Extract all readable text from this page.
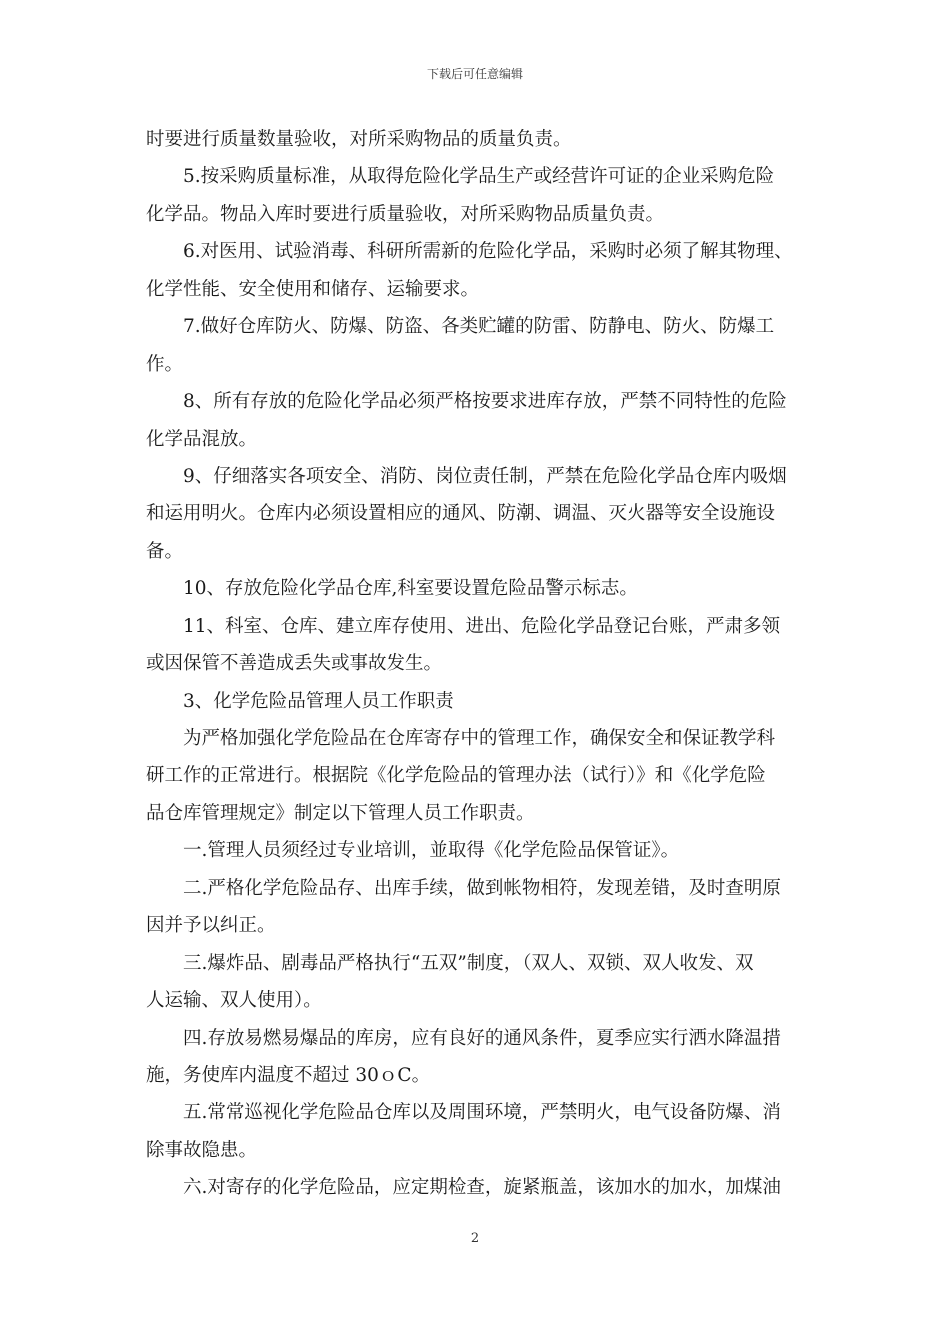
下载后可任意编辑
时要进行质量数量验收，对所采购物品的质量负责。
5.按采购质量标准，从取得危险化学品生产或经营许可证的企业采购危险
化学品。物品入库时要进行质量验收，对所采购物品质量负责。
6.对医用、试验消毒、科研所需新的危险化学品，采购时必须了解其物理、
化学性能、安全使用和储存、运输要求。
7.做好仓库防火、防爆、防盗、各类贮罐的防雷、防静电、防火、防爆工
作。
8、所有存放的危险化学品必须严格按要求进库存放，严禁不同特性的危险
化学品混放。
9、仔细落实各项安全、消防、岗位责任制，严禁在危险化学品仓库内吸烟
和运用明火。仓库内必须设置相应的通风、防潮、调温、灭火器等安全设施设
备。
10、存放危险化学品仓库,科室要设置危险品警示标志。
11、科室、仓库、建立库存使用、进出、危险化学品登记台账，严肃多领
或因保管不善造成丢失或事故发生。
3、化学危险品管理人员工作职责
为严格加强化学危险品在仓库寄存中的管理工作，确保安全和保证教学科
研工作的正常进行。根据院《化学危险品的管理办法（试行）》和《化学危险
品仓库管理规定》制定以下管理人员工作职责。
一.管理人员须经过专业培训，並取得《化学危险品保管证》。
二.严格化学危险品存、出库手续，做到帐物相符，发现差错，及时查明原
因并予以纠正。
三.爆炸品、剧毒品严格执行“五双”制度，（双人、双锁、双人收发、双
人运输、双人使用）。
四.存放易燃易爆品的库房，应有良好的通风条件，夏季应实行洒水降温措
施，务使库内温度不超过 30ｏC。
五.常常巡视化学危险品仓库以及周围环境，严禁明火，电气设备防爆、消
除事故隐患。
六.对寄存的化学危险品，应定期检查，旋紧瓶盖，该加水的加水，加煤油
2
